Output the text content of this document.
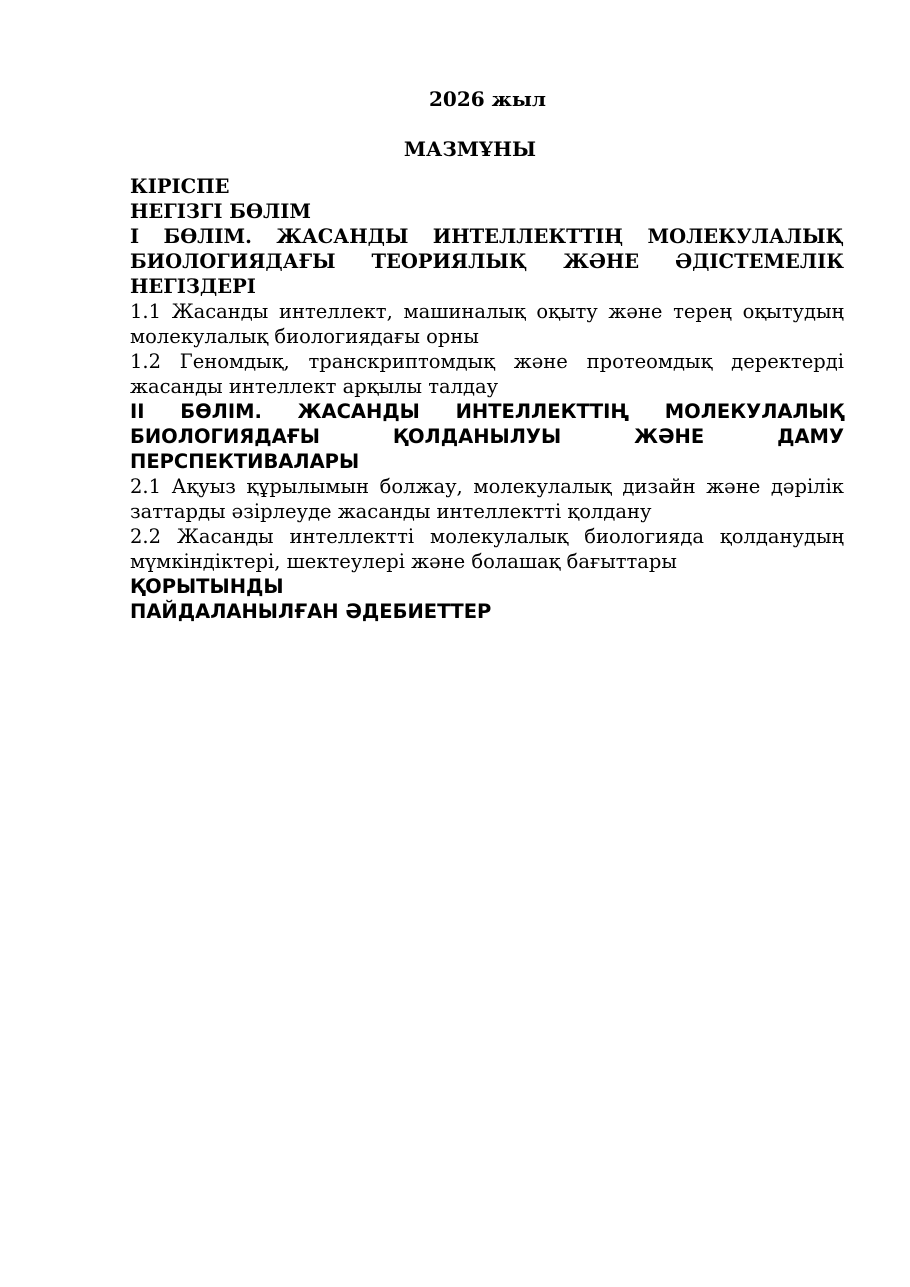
2026 жыл
МАЗМҰНЫ

КІРІСПЕ

НЕГІЗГІ БӨЛІМ

І БӨЛІМ. ЖАСАНДЫ ИНТЕЛЛЕКТТІҢ МОЛЕКУЛАЛЫҚ БИОЛОГИЯДАҒЫ ТЕОРИЯЛЫҚ ЖӘНЕ ӘДІСТЕМЕЛІК НЕГІЗДЕРІ

1.1 Жасанды интеллект, машиналық оқыту және терең оқытудың молекулалық биологиядағы орны

1.2 Геномдық, транскриптомдық және протеомдық деректерді жасанды интеллект арқылы талдау

ІІ БӨЛІМ. ЖАСАНДЫ ИНТЕЛЛЕКТТІҢ МОЛЕКУЛАЛЫҚ БИОЛОГИЯДАҒЫ ҚОЛДАНЫЛУЫ ЖӘНЕ ДАМУ ПЕРСПЕКТИВАЛАРЫ

2.1 Ақуыз құрылымын болжау, молекулалық дизайн және дәрілік заттарды әзірлеуде жасанды интеллектті қолдану

2.2 Жасанды интеллектті молекулалық биологияда қолданудың мүмкіндіктері, шектеулері және болашақ бағыттары

ҚОРЫТЫНДЫ

ПАЙДАЛАНЫЛҒАН ӘДЕБИЕТТЕР
